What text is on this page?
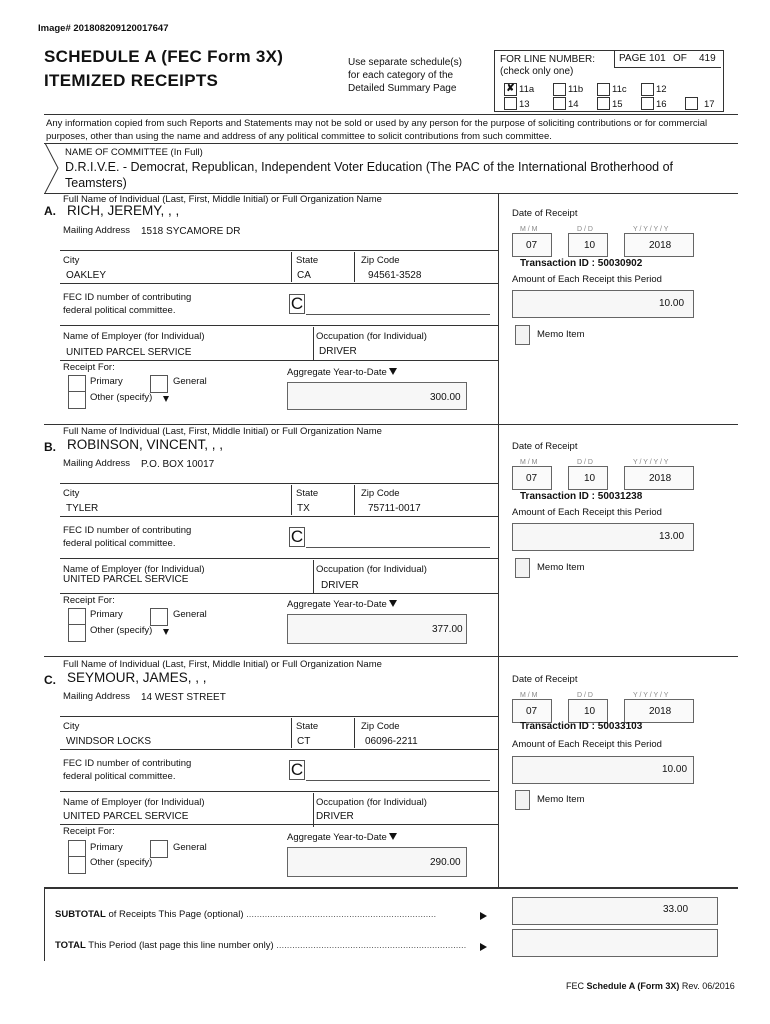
Image# 201808209120017647
SCHEDULE A (FEC Form 3X)
ITEMIZED RECEIPTS
Use separate schedule(s)
for each category of the
Detailed Summary Page
FOR LINE NUMBER:
(check only one)
PAGE 101 OF 419
✘ 11a	11b	11c	12
13	14	15	16	17
Any information copied from such Reports and Statements may not be sold or used by any person for the purpose of soliciting contributions or for commercial purposes, other than using the name and address of any political committee to solicit contributions from such committee.
NAME OF COMMITTEE (In Full)
D.R.I.V.E. - Democrat, Republican, Independent Voter Education (The PAC of the International Brotherhood of
Teamsters)
Full Name of Individual (Last, First, Middle Initial) or Full Organization Name
A. RICH, JEREMY, , ,
Mailing Address 1518 SYCAMORE DR
City
OAKLEY
State
CA
Zip Code
94561-3528
FEC ID number of contributing
federal political committee.	C
Name of Employer (for Individual)
UNITED PARCEL SERVICE
Occupation (for Individual)
DRIVER
Receipt For:
Primary	General
Other (specify)
Aggregate Year-to-Date
300.00
Date of Receipt
M / M	D / D	Y / Y / Y / Y
07	10	2018
Transaction ID : 50030902
Amount of Each Receipt this Period
10.00
Memo Item
Full Name of Individual (Last, First, Middle Initial) or Full Organization Name
B. ROBINSON, VINCENT, , ,
Mailing Address P.O. BOX 10017
City
TYLER
State
TX
Zip Code
75711-0017
FEC ID number of contributing
federal political committee.	C
Name of Employer (for Individual)
UNITED PARCEL SERVICE
Occupation (for Individual)
DRIVER
Receipt For:
Primary	General
Other (specify)
Aggregate Year-to-Date
377.00
Date of Receipt
M / M	D / D	Y / Y / Y / Y
07	10	2018
Transaction ID : 50031238
Amount of Each Receipt this Period
13.00
Memo Item
Full Name of Individual (Last, First, Middle Initial) or Full Organization Name
C. SEYMOUR, JAMES, , ,
Mailing Address 14 WEST STREET
City
WINDSOR LOCKS
State
CT
Zip Code
06096-2211
FEC ID number of contributing
federal political committee.	C
Name of Employer (for Individual)
UNITED PARCEL SERVICE
Occupation (for Individual)
DRIVER
Receipt For:
Primary	General
Other (specify)
Aggregate Year-to-Date
290.00
Date of Receipt
M / M	D / D	Y / Y / Y / Y
07	10	2018
Transaction ID : 50033103
Amount of Each Receipt this Period
10.00
Memo Item
SUBTOTAL of Receipts This Page (optional) ........................................................................	33.00
TOTAL This Period (last page this line number only) ........................................................................
FEC Schedule A (Form 3X) Rev. 06/2016
